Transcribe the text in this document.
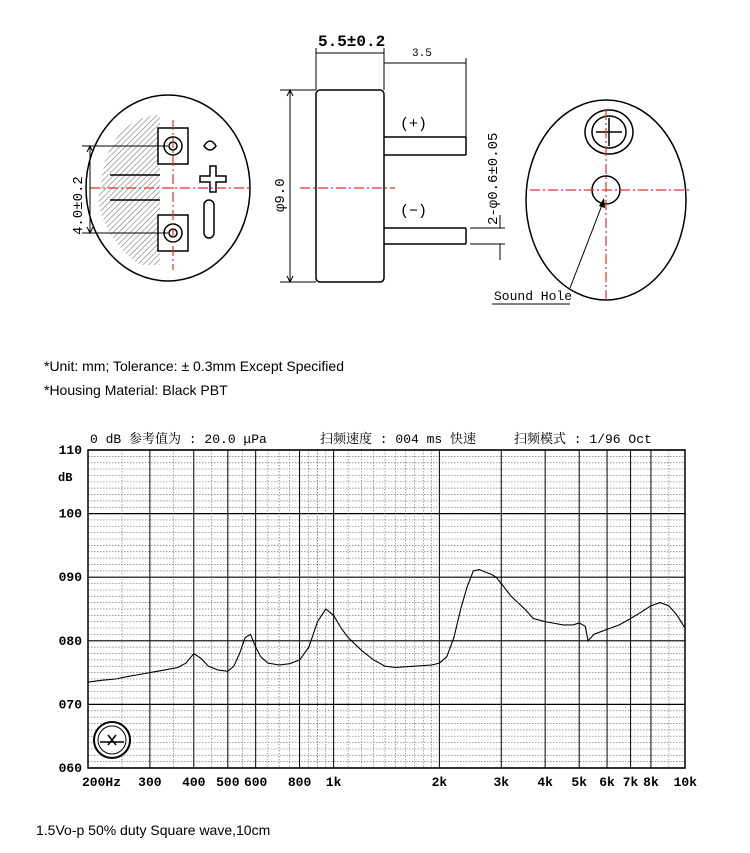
4.0±0.2
5.5±0.2
3.5
φ9.0	2-φ0.6±0.05
(+)
(−)
Sound Hole
*Unit: mm; Tolerance: ± 0.3mm Except Specified
*Housing Material: Black PBT
0 dB 参考值为 : 20.0 μPa	扫频速度 : 004 ms 快速	扫频模式 : 1/96 Oct
dB
110
100
090
080
070
060
200Hz 300 400 500 600 800 1k	2k	3k 4k 5k 6k 7k 8k 10k
1.5Vo-p 50% duty Square wave,10cm
